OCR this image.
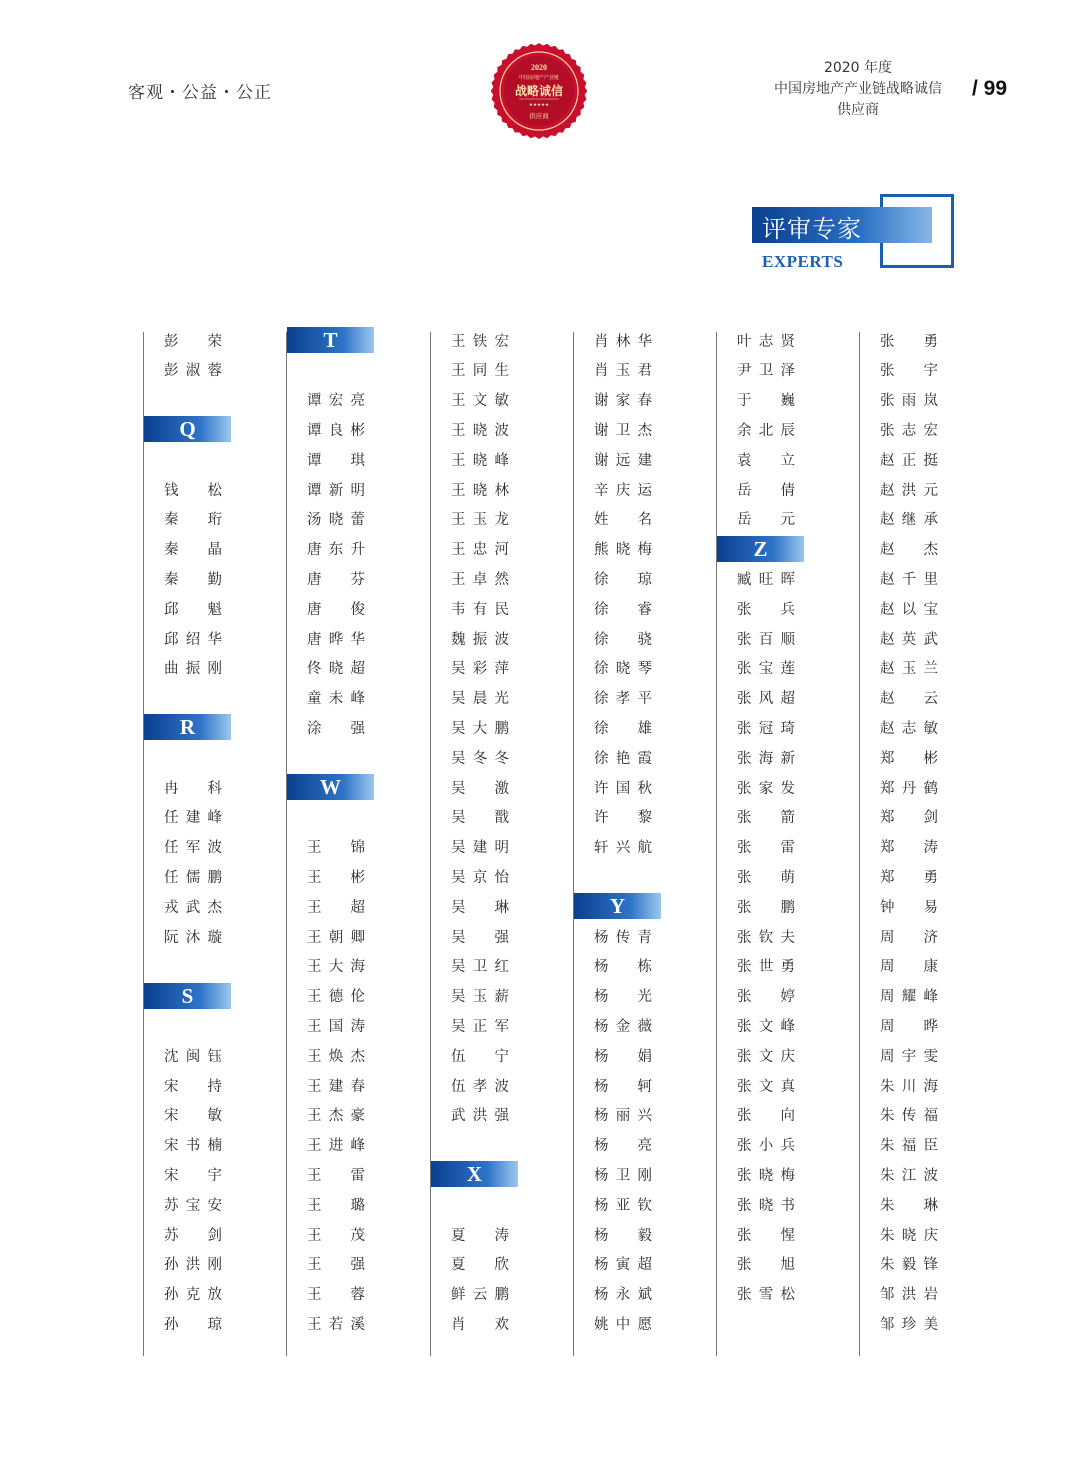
客观・公益・公正
2020
中国房地产产业链
战略诚信
★★★★★
供应商
2020 年度
中国房地产产业链战略诚信
供应商
/ 99
评审专家
EXPERTS
彭 荣
彭 淑 蓉
Q
钱 松
秦 珩
秦 晶
秦 勤
邱 魁
邱 绍 华
曲 振 刚
R
冉 科
任 建 峰
任 军 波
任 儒 鹏
戎 武 杰
阮 沐 璇
S
沈 闽 钰
宋 持
宋 敏
宋 书 楠
宋 宇
苏 宝 安
苏 剑
孙 洪 刚
孙 克 放
孙 琼
T
谭 宏 亮
谭 良 彬
谭 琪
谭 新 明
汤 晓 蕾
唐 东 升
唐 芬
唐 俊
唐 晔 华
佟 晓 超
童 未 峰
涂 强
W
王 锦
王 彬
王 超
王 朝 卿
王 大 海
王 德 伦
王 国 涛
王 焕 杰
王 建 春
王 杰 豪
王 进 峰
王 雷
王 璐
王 茂
王 强
王 蓉
王 若 溪
王 铁 宏
王 同 生
王 文 敏
王 晓 波
王 晓 峰
王 晓 林
王 玉 龙
王 忠 河
王 卓 然
韦 有 民
魏 振 波
吴 彩 萍
吴 晨 光
吴 大 鹏
吴 冬 冬
吴 激
吴 戬
吴 建 明
吴 京 怡
吴 琳
吴 强
吴 卫 红
吴 玉 薪
吴 正 军
伍 宁
伍 孝 波
武 洪 强
X
夏 涛
夏 欣
鲜 云 鹏
肖 欢
肖 林 华
肖 玉 君
谢 家 春
谢 卫 杰
谢 远 建
辛 庆 运
姓 名
熊 晓 梅
徐 琼
徐 睿
徐 骁
徐 晓 琴
徐 孝 平
徐 雄
徐 艳 霞
许 国 秋
许 黎
轩 兴 航
Y
杨 传 青
杨 栋
杨 光
杨 金 薇
杨 娟
杨 轲
杨 丽 兴
杨 亮
杨 卫 刚
杨 亚 钦
杨 毅
杨 寅 超
杨 永 斌
姚 中 愿
叶 志 贤
尹 卫 泽
于 巍
余 北 辰
袁 立
岳 倩
岳 元
Z
臧 旺 晖
张 兵
张 百 顺
张 宝 莲
张 风 超
张 冠 琦
张 海 新
张 家 发
张 箭
张 雷
张 萌
张 鹏
张 钦 夫
张 世 勇
张 婷
张 文 峰
张 文 庆
张 文 真
张 向
张 小 兵
张 晓 梅
张 晓 书
张 惺
张 旭
张 雪 松
张 勇
张 宇
张 雨 岚
张 志 宏
赵 正 挺
赵 洪 元
赵 继 承
赵 杰
赵 千 里
赵 以 宝
赵 英 武
赵 玉 兰
赵 云
赵 志 敏
郑 彬
郑 丹 鹤
郑 剑
郑 涛
郑 勇
钟 易
周 济
周 康
周 耀 峰
周 晔
周 宇 雯
朱 川 海
朱 传 福
朱 福 臣
朱 江 波
朱 琳
朱 晓 庆
朱 毅 锋
邹 洪 岩
邹 珍 美
